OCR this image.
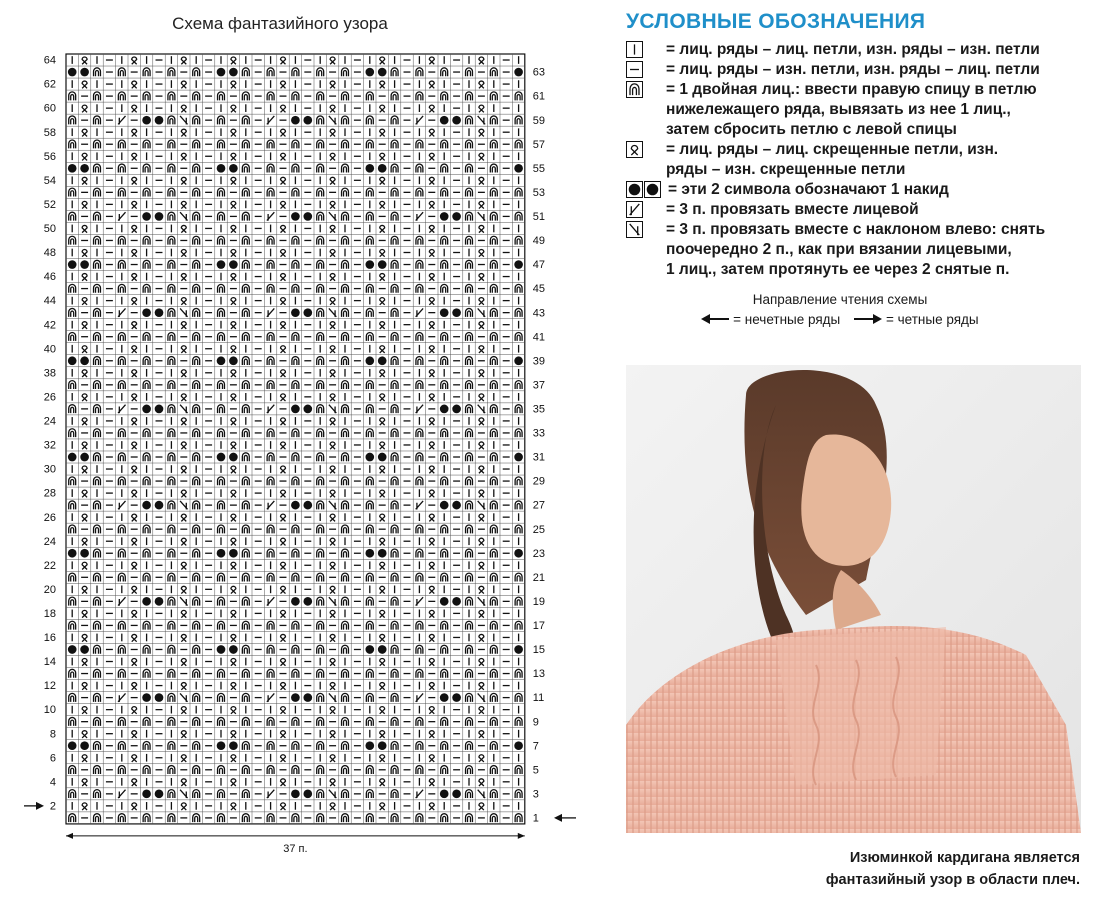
Схема фантазийного узора
64
62
60
58
56
54
52
50
48
46
44
42
40
38
26
24
32
30
28
26
24
22
20
18
16
14
12
10
8
6
4
2
63
61
59
57
55
53
51
49
47
45
43
41
39
37
35
33
31
29
27
25
23
21
19
17
15
13
11
9
7
5
3
1
37 п.
УСЛОВНЫЕ ОБОЗНАЧЕНИЯ

= лиц. ряды – лиц. петли, изн. ряды – изн. петли

= лиц. ряды – изн. петли, изн. ряды – лиц. петли

= 1 двойная лиц.: ввести правую спицу в петлю

нижележащего ряда, вывязать из нее 1 лиц.,

затем сбросить петлю с левой спицы

= лиц. ряды – лиц. скрещенные петли, изн.

ряды – изн. скрещенные петли

= эти 2 символа обозначают 1 накид

= 3 п. провязать вместе лицевой

= 3 п. провязать вместе с наклоном влево: снять

поочередно 2 п., как при вязании лицевыми,

1 лиц., затем протянуть ее через 2 снятые п.

Направление чтения схемы
= нечетные ряды	= четные ряды
Изюминкой кардигана является
фантазийный узор в области плеч.
